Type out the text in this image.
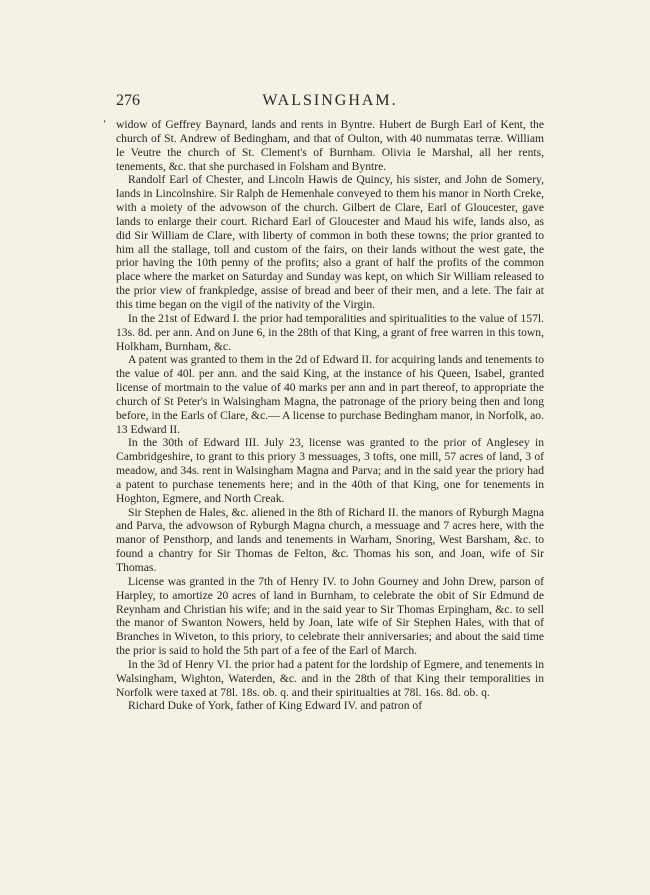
276	WALSINGHAM.
ʻ widow of Geffrey Baynard, lands and rents in Byntre. Hubert de Burgh Earl of Kent, the church of St. Andrew of Bedingham, and that of Oulton, with 40 nummatas terræ. William le Veutre the church of St. Clement's of Burnham. Olivia le Marshal, all her rents, tenements, &c. that she purchased in Folsham and Byntre.

Randolf Earl of Chester, and Lincoln Hawis de Quincy, his sister, and John de Somery, lands in Lincolnshire. Sir Ralph de Hemenhale conveyed to them his manor in North Creke, with a moiety of the advowson of the church. Gilbert de Clare, Earl of Gloucester, gave lands to enlarge their court. Richard Earl of Gloucester and Maud his wife, lands also, as did Sir William de Clare, with liberty of common in both these towns; the prior granted to him all the stallage, toll and custom of the fairs, on their lands without the west gate, the prior having the 10th penny of the profits; also a grant of half the profits of the common place where the market on Saturday and Sunday was kept, on which Sir William released to the prior view of frankpledge, assise of bread and beer of their men, and a lete. The fair at this time began on the vigil of the nativity of the Virgin.

In the 21st of Edward I. the prior had temporalities and spiritualities to the value of 157l. 13s. 8d. per ann. And on June 6, in the 28th of that King, a grant of free warren in this town, Holkham, Burnham, &c.

A patent was granted to them in the 2d of Edward II. for acquiring lands and tenements to the value of 40l. per ann. and the said King, at the instance of his Queen, Isabel, granted license of mortmain to the value of 40 marks per ann and in part thereof, to appropriate the church of St Peter's in Walsingham Magna, the patronage of the priory being then and long before, in the Earls of Clare, &c.— A license to purchase Bedingham manor, in Norfolk, ao. 13 Edward II.

In the 30th of Edward III. July 23, license was granted to the prior of Anglesey in Cambridgeshire, to grant to this priory 3 messuages, 3 tofts, one mill, 57 acres of land, 3 of meadow, and 34s. rent in Walsingham Magna and Parva; and in the said year the priory had a patent to purchase tenements here; and in the 40th of that King, one for tenements in Hoghton, Egmere, and North Creak.

Sir Stephen de Hales, &c. aliened in the 8th of Richard II. the manors of Ryburgh Magna and Parva, the advowson of Ryburgh Magna church, a messuage and 7 acres here, with the manor of Pensthorp, and lands and tenements in Warham, Snoring, West Barsham, &c. to found a chantry for Sir Thomas de Felton, &c. Thomas his son, and Joan, wife of Sir Thomas.

License was granted in the 7th of Henry IV. to John Gourney and John Drew, parson of Harpley, to amortize 20 acres of land in Burnham, to celebrate the obit of Sir Edmund de Reynham and Christian his wife; and in the said year to Sir Thomas Erpingham, &c. to sell the manor of Swanton Nowers, held by Joan, late wife of Sir Stephen Hales, with that of Branches in Wiveton, to this priory, to celebrate their anniversaries; and about the said time the prior is said to hold the 5th part of a fee of the Earl of March.

In the 3d of Henry VI. the prior had a patent for the lordship of Egmere, and tenements in Walsingham, Wighton, Waterden, &c. and in the 28th of that King their temporalities in Norfolk were taxed at 78l. 18s. ob. q. and their spiritualties at 78l. 16s. 8d. ob. q.

Richard Duke of York, father of King Edward IV. and patron of
